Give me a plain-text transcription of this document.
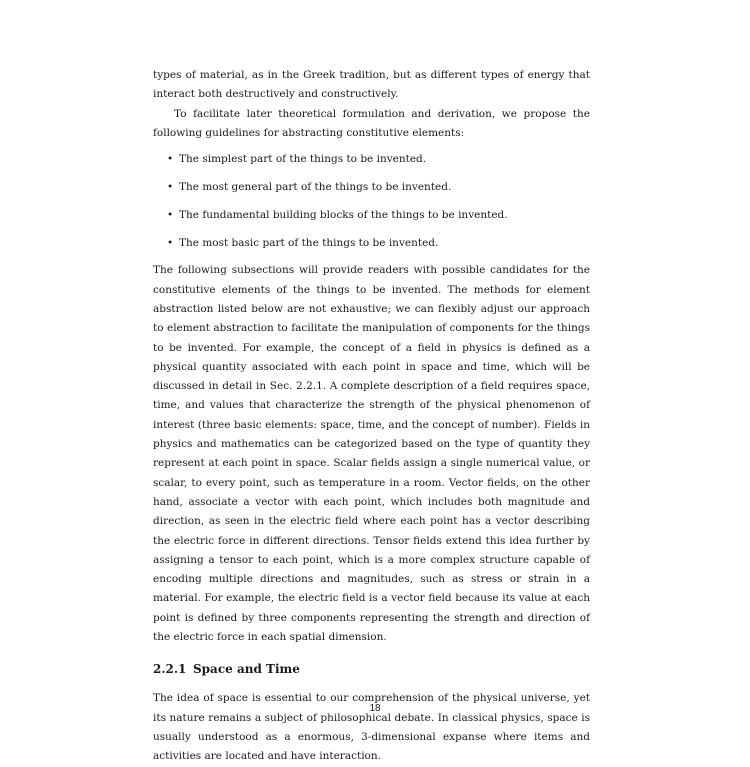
types of material, as in the Greek tradition, but as different types of energy that interact both destructively and constructively.

To facilitate later theoretical formulation and derivation, we propose the following guidelines for abstracting constitutive elements:

• The simplest part of the things to be invented.
• The most general part of the things to be invented.
• The fundamental building blocks of the things to be invented.
• The most basic part of the things to be invented.

The following subsections will provide readers with possible candidates for the constitutive elements of the things to be invented. The methods for element abstraction listed below are not exhaustive; we can flexibly adjust our approach to element abstraction to facilitate the manipulation of components for the things to be invented. For example, the concept of a field in physics is defined as a physical quantity associated with each point in space and time, which will be discussed in detail in Sec. 2.2.1. A complete description of a field requires space, time, and values that characterize the strength of the physical phenomenon of interest (three basic elements: space, time, and the concept of number). Fields in physics and mathematics can be categorized based on the type of quantity they represent at each point in space. Scalar fields assign a single numerical value, or scalar, to every point, such as temperature in a room. Vector fields, on the other hand, associate a vector with each point, which includes both magnitude and direction, as seen in the electric field where each point has a vector describing the electric force in different directions. Tensor fields extend this idea further by assigning a tensor to each point, which is a more complex structure capable of encoding multiple directions and magnitudes, such as stress or strain in a material. For example, the electric field is a vector field because its value at each point is defined by three components representing the strength and direction of the electric force in each spatial dimension.

2.2.1 Space and Time

The idea of space is essential to our comprehension of the physical universe, yet its nature remains a subject of philosophical debate. In classical physics, space is usually understood as a enormous, 3-dimensional expanse where items and activities are located and have interaction.

18
